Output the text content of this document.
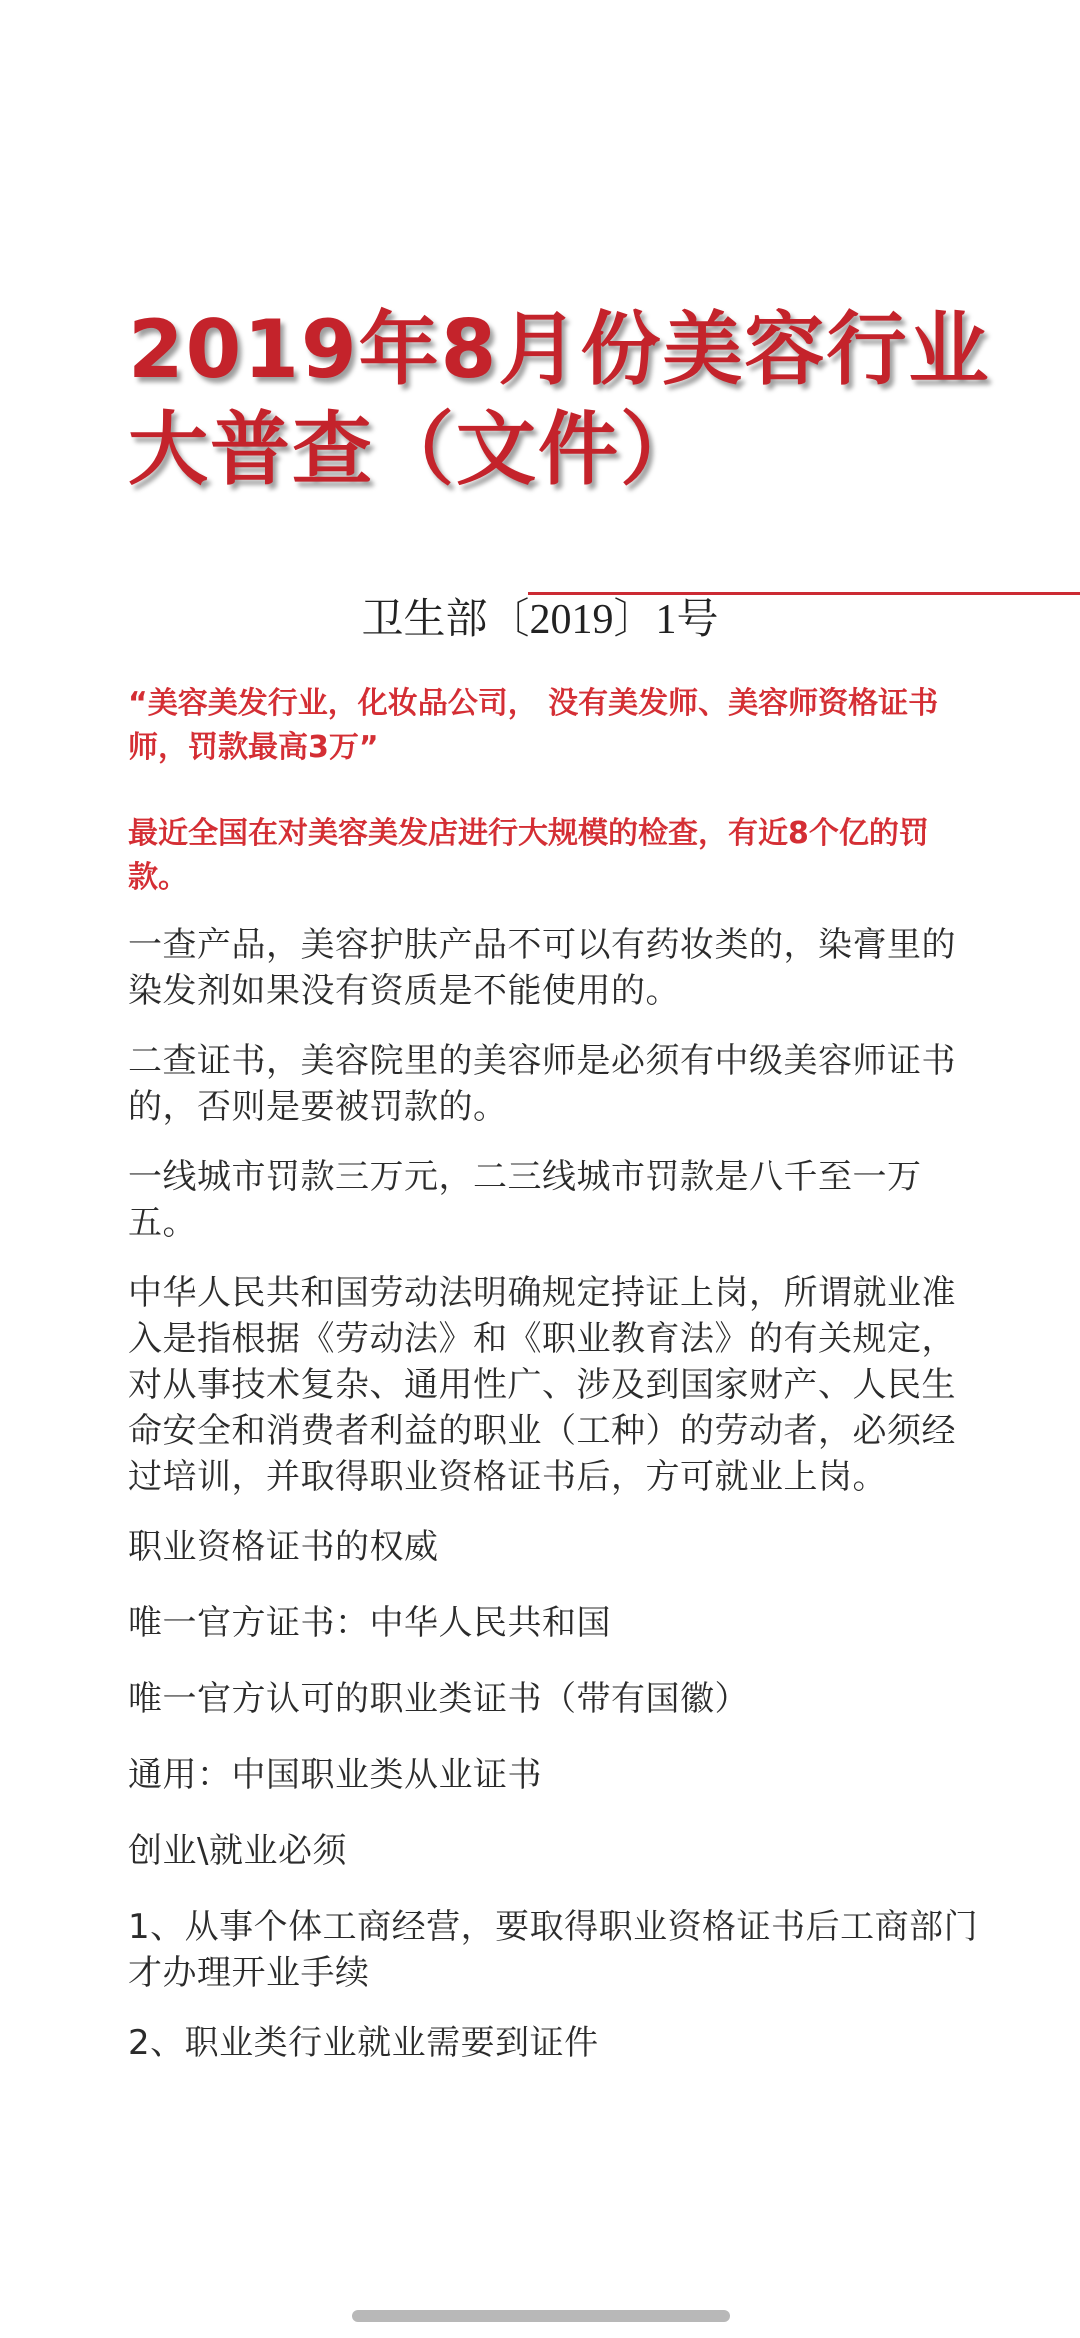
2019年8月份美容行业
大普查（文件）
卫生部〔2019〕1号

“美容美发行业，化妆品公司， 没有美发师、美容师资格证书师，罚款最高3万”

最近全国在对美容美发店进行大规模的检查，有近8个亿的罚款。

一查产品，美容护肤产品不可以有药妆类的，染膏里的染发剂如果没有资质是不能使用的。

二查证书，美容院里的美容师是必须有中级美容师证书的，否则是要被罚款的。

一线城市罚款三万元，二三线城市罚款是八千至一万五。

中华人民共和国劳动法明确规定持证上岗，所谓就业准入是指根据《劳动法》和《职业教育法》的有关规定，对从事技术复杂、通用性广、涉及到国家财产、人民生命安全和消费者利益的职业（工种）的劳动者，必须经过培训，并取得职业资格证书后，方可就业上岗。

职业资格证书的权威

唯一官方证书：中华人民共和国

唯一官方认可的职业类证书（带有国徽）

通用：中国职业类从业证书

创业\就业必须

1、从事个体工商经营，要取得职业资格证书后工商部门才办理开业手续

2、职业类行业就业需要到证件
